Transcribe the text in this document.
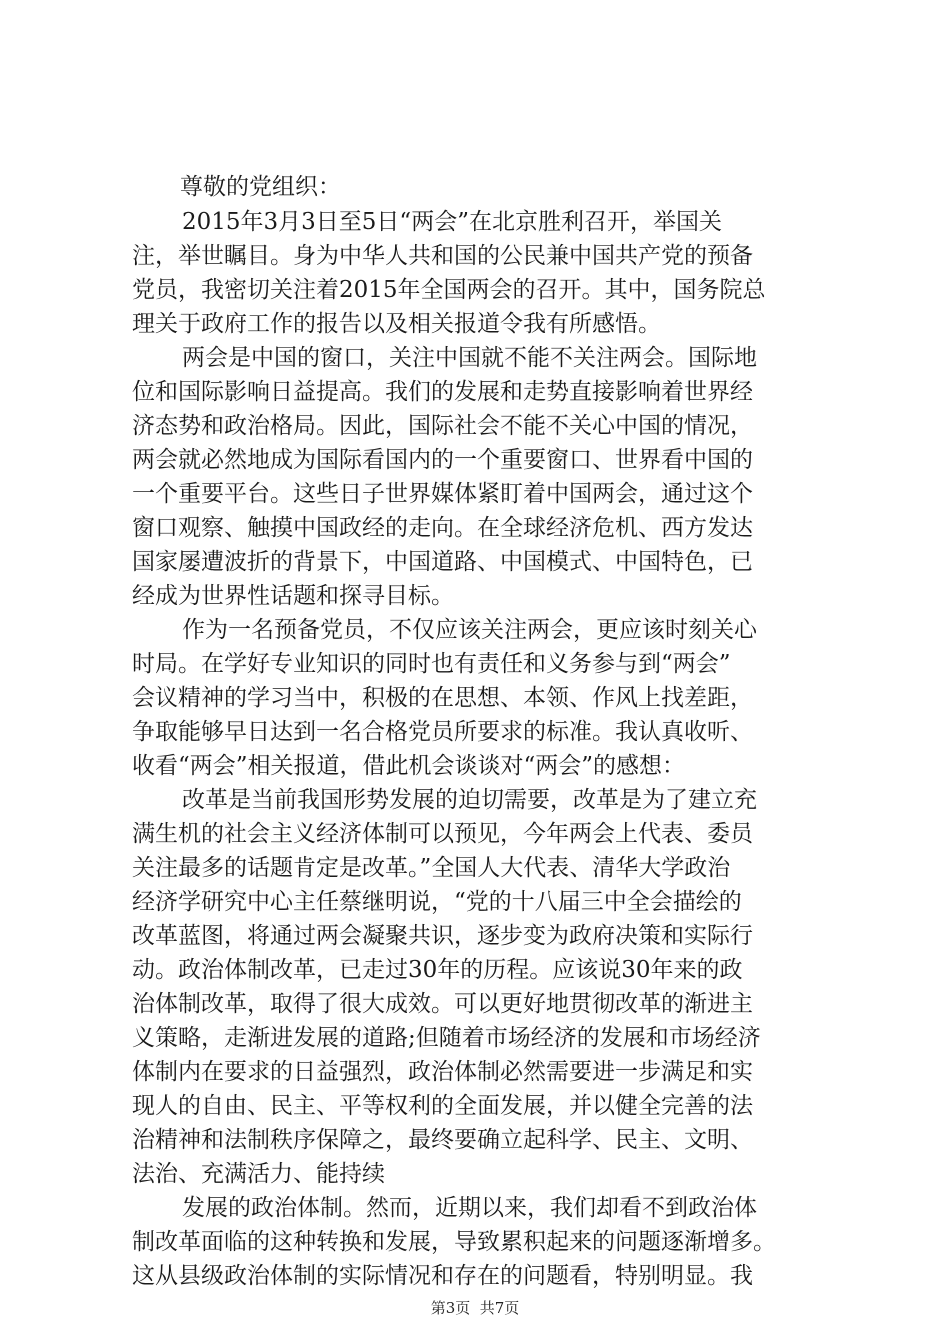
尊敬的党组织：
2015年3月3日至5日“两会”在北京胜利召开，举国关
注，举世瞩目。身为中华人共和国的公民兼中国共产党的预备
党员，我密切关注着2015年全国两会的召开。其中，国务院总
理关于政府工作的报告以及相关报道令我有所感悟。
两会是中国的窗口，关注中国就不能不关注两会。国际地
位和国际影响日益提高。我们的发展和走势直接影响着世界经
济态势和政治格局。因此，国际社会不能不关心中国的情况，
两会就必然地成为国际看国内的一个重要窗口、世界看中国的
一个重要平台。这些日子世界媒体紧盯着中国两会，通过这个
窗口观察、触摸中国政经的走向。在全球经济危机、西方发达
国家屡遭波折的背景下，中国道路、中国模式、中国特色，已
经成为世界性话题和探寻目标。
作为一名预备党员，不仅应该关注两会，更应该时刻关心
时局。在学好专业知识的同时也有责任和义务参与到“两会”
会议精神的学习当中，积极的在思想、本领、作风上找差距，
争取能够早日达到一名合格党员所要求的标准。我认真收听、
收看“两会”相关报道，借此机会谈谈对“两会”的感想：
改革是当前我国形势发展的迫切需要，改革是为了建立充
满生机的社会主义经济体制可以预见，今年两会上代表、委员
关注最多的话题肯定是改革。”全国人大代表、清华大学政治
经济学研究中心主任蔡继明说，“党的十八届三中全会描绘的
改革蓝图，将通过两会凝聚共识，逐步变为政府决策和实际行
动。政治体制改革，已走过30年的历程。应该说30年来的政
治体制改革，取得了很大成效。可以更好地贯彻改革的渐进主
义策略，走渐进发展的道路;但随着市场经济的发展和市场经济
体制内在要求的日益强烈，政治体制必然需要进一步满足和实
现人的自由、民主、平等权利的全面发展，并以健全完善的法
治精神和法制秩序保障之，最终要确立起科学、民主、文明、
法治、充满活力、能持续
发展的政治体制。然而，近期以来，我们却看不到政治体
制改革面临的这种转换和发展，导致累积起来的问题逐渐增多。
这从县级政治体制的实际情况和存在的问题看，特别明显。我
第3页  共7页
